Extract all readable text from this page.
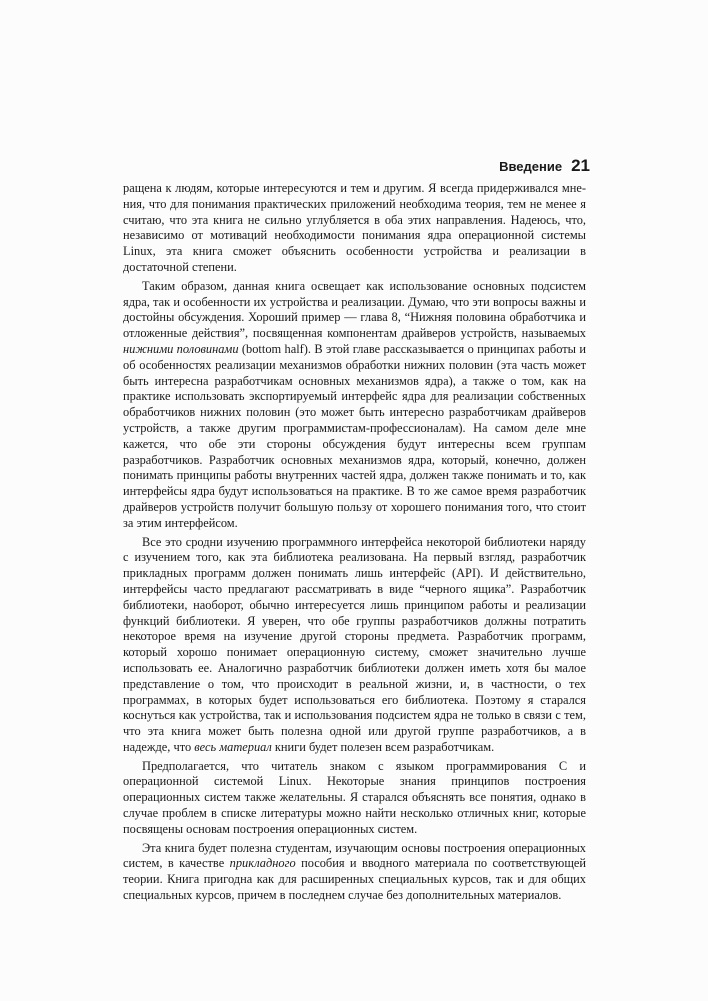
Введение 21

ращена к людям, которые интересуются и тем и другим. Я всегда придерживался мнения, что для понимания практических приложений необходима теория, тем не менее я считаю, что эта книга не сильно углубляется в оба этих направления. Надеюсь, что, независимо от мотиваций необходимости понимания ядра операционной системы Linux, эта книга сможет объяснить особенности устройства и реализации в достаточной степени.

Таким образом, данная книга освещает как использование основных подсистем ядра, так и особенности их устройства и реализации. Думаю, что эти вопросы важны и достойны обсуждения. Хороший пример — глава 8, “Нижняя половина обработчика и отложенные действия”, посвященная компонентам драйверов устройств, называемых нижними половинами (bottom half). В этой главе рассказывается о принципах работы и об особенностях реализации механизмов обработки нижних половин (эта часть может быть интересна разработчикам основных механизмов ядра), а также о том, как на практике использовать экспортируемый интерфейс ядра для реализации собственных обработчиков нижних половин (это может быть интересно разработчикам драйверов устройств, а также другим программистам-профессионалам). На самом деле мне кажется, что обе эти стороны обсуждения будут интересны всем группам разработчиков. Разработчик основных механизмов ядра, который, конечно, должен понимать принципы работы внутренних частей ядра, должен также понимать и то, как интерфейсы ядра будут использоваться на практике. В то же самое время разработчик драйверов устройств получит большую пользу от хорошего понимания того, что стоит за этим интерфейсом.

Все это сродни изучению программного интерфейса некоторой библиотеки наряду с изучением того, как эта библиотека реализована. На первый взгляд, разработчик прикладных программ должен понимать лишь интерфейс (API). И действительно, интерфейсы часто предлагают рассматривать в виде “черного ящика”. Разработчик библиотеки, наоборот, обычно интересуется лишь принципом работы и реализации функций библиотеки. Я уверен, что обе группы разработчиков должны потратить некоторое время на изучение другой стороны предмета. Разработчик программ, который хорошо понимает операционную систему, сможет значительно лучше использовать ее. Аналогично разработчик библиотеки должен иметь хотя бы малое представление о том, что происходит в реальной жизни, и, в частности, о тех программах, в которых будет использоваться его библиотека. Поэтому я старался коснуться как устройства, так и использования подсистем ядра не только в связи с тем, что эта книга может быть полезна одной или другой группе разработчиков, а в надежде, что весь материал книги будет полезен всем разработчикам.

Предполагается, что читатель знаком с языком программирования С и операционной системой Linux. Некоторые знания принципов построения операционных систем также желательны. Я старался объяснять все понятия, однако в случае проблем в списке литературы можно найти несколько отличных книг, которые посвящены основам построения операционных систем.

Эта книга будет полезна студентам, изучающим основы построения операционных систем, в качестве прикладного пособия и вводного материала по соответствующей теории. Книга пригодна как для расширенных специальных курсов, так и для общих специальных курсов, причем в последнем случае без дополнительных материалов.
